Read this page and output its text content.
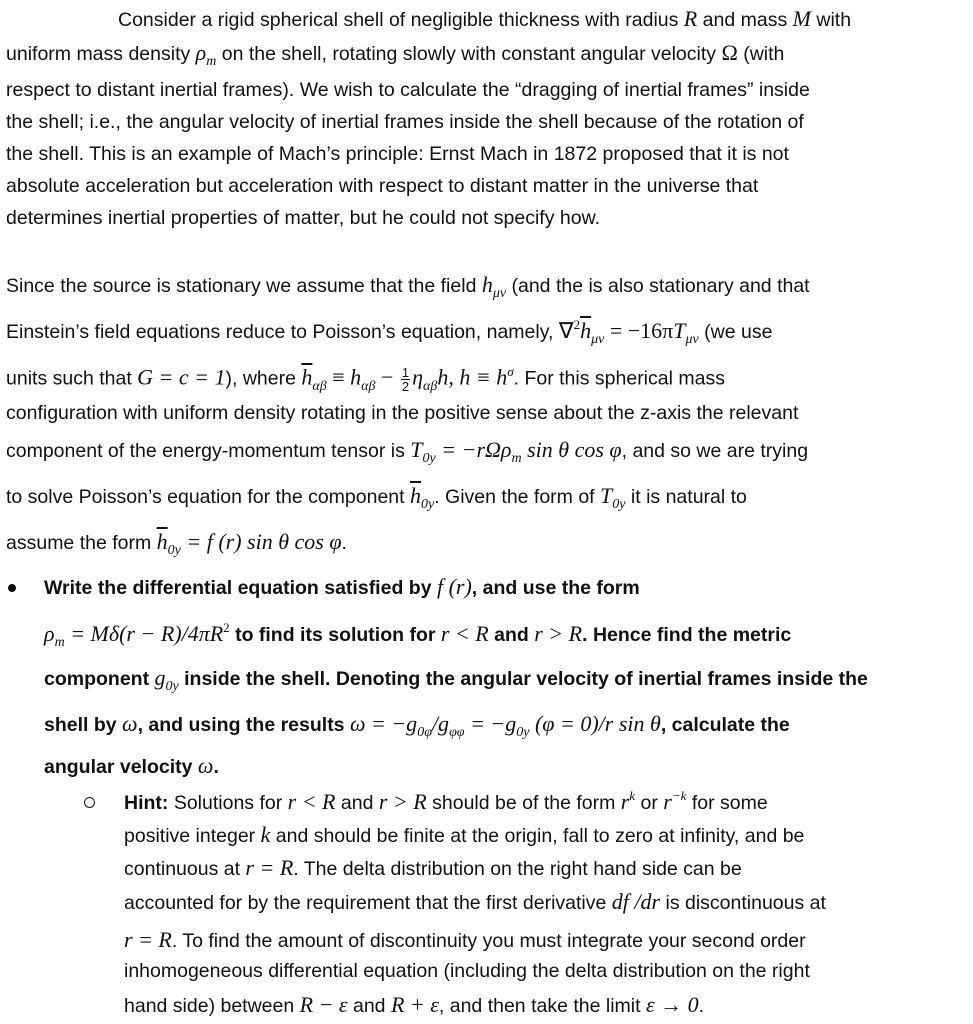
Consider a rigid spherical shell of negligible thickness with radius R and mass M with
uniform mass density $\rho_m$ on the shell, rotating slowly with constant angular velocity Ω (with
respect to distant inertial frames). We wish to calculate the “dragging of inertial frames” inside
the shell; i.e., the angular velocity of inertial frames inside the shell because of the rotation of
the shell. This is an example of Mach’s principle: Ernst Mach in 1872 proposed that it is not
absolute acceleration but acceleration with respect to distant matter in the universe that
determines inertial properties of matter, but he could not specify how.
Since the source is stationary we assume that the field $h_{\mu\nu}$ (and the is also stationary and that
Einstein’s field equations reduce to Poisson’s equation, namely, $\nabla^2\overline{h}_{\mu\nu} = -16\pi T_{\mu\nu}$ (we use
units such that G = c = 1), where $\overline{h}_{\alpha\beta} \equiv h_{\alpha\beta} - \frac{1}{2} \eta_{\alpha\beta}h$, $h \equiv h^\sigma$. For this spherical mass
configuration with uniform density rotating in the positive sense about the z-axis the relevant
component of the energy-momentum tensor is $T_{0y} = -r\Omega\rho_m$ sin θ cos φ, and so we are trying
to solve Poisson’s equation for the component $\overline{h}_{0y}$. Given the form of $T_{0y}$ it is natural to
assume the form $\overline{h}_{0y} = f$ (r) sin θ cos φ.
Write the differential equation satisfied by f (r), and use the form
$\rho_m = M\delta(r - R)/4\pi R^2$ to find its solution for r < R and r > R. Hence find the metric
component $g_{0y}$ inside the shell. Denoting the angular velocity of inertial frames inside the
shell by ω, and using the results $\omega = -g_{0\varphi}/g_{\varphi\varphi} = -g_{0y}$ (φ = 0)/r sin θ, calculate the
angular velocity ω.
Hint: Solutions for r < R and r > R should be of the form $r^k$ or $r^{-k}$ for some
positive integer k and should be finite at the origin, fall to zero at infinity, and be
continuous at r = R. The delta distribution on the right hand side can be
accounted for by the requirement that the first derivative df /dr is discontinuous at
r = R. To find the amount of discontinuity you must integrate your second order
inhomogeneous differential equation (including the delta distribution on the right
hand side) between R − ε and R + ε, and then take the limit ε → 0.
